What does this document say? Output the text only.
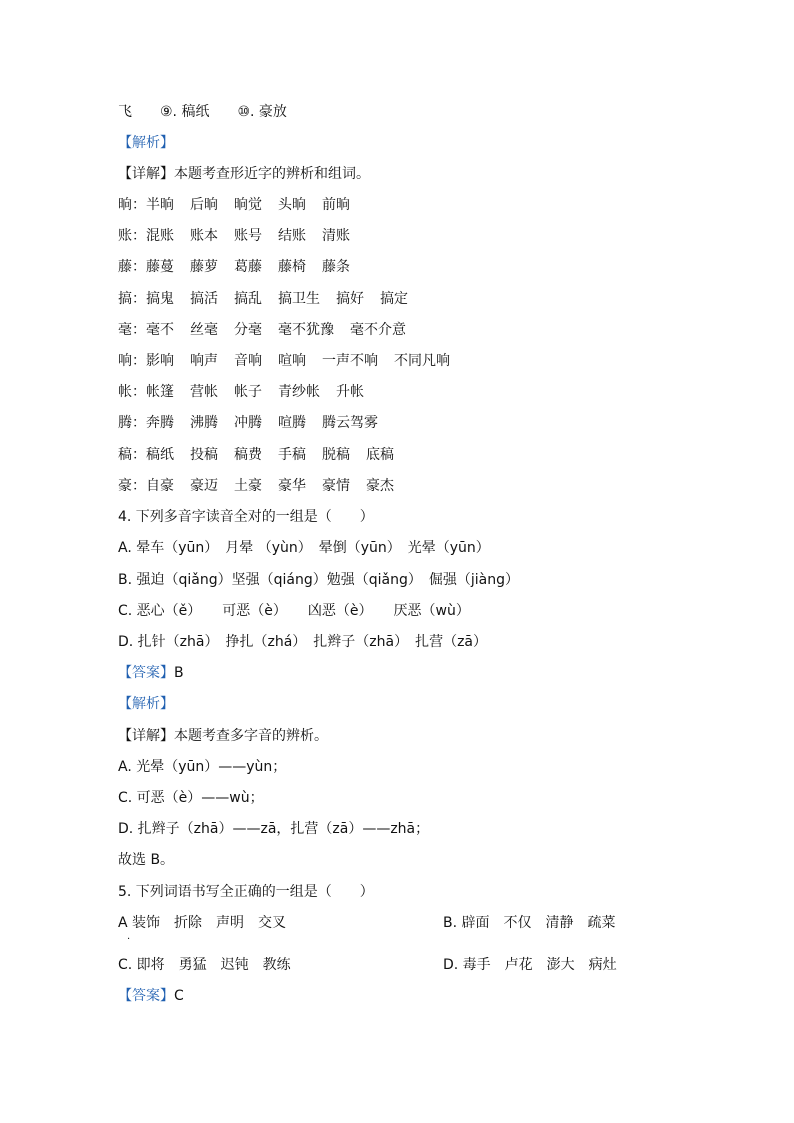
飞　　⑨. 稿纸　　⑩. 豪放
【解析】
【详解】本题考查形近字的辨析和组词。
晌：半晌 后晌 晌觉 头晌 前晌
账：混账 账本 账号 结账 清账
藤：藤蔓 藤萝 葛藤 藤椅 藤条
搞：搞鬼 搞活 搞乱 搞卫生 搞好 搞定
毫：毫不 丝毫 分毫 毫不犹豫 毫不介意
响：影响 响声 音响 喧响 一声不响 不同凡响
帐：帐篷 营帐 帐子 青纱帐 升帐
腾：奔腾 沸腾 冲腾 喧腾 腾云驾雾
稿：稿纸 投稿 稿费 手稿 脱稿 底稿
豪：自豪 豪迈 土豪 豪华 豪情 豪杰
4. 下列多音字读音全对的一组是（　　）
A. 晕车（yūn）　月晕 （yùn）　晕倒（yūn）　光晕（yūn）
B. 强迫（qiǎng）坚强（qiáng）勉强（qiǎng）　倔强（jiàng）
C. 恶心（ě）　　可恶（è）　　凶恶（è）　　厌恶（wù）
D. 扎针（zhā）　挣扎（zhá）　扎辫子（zhā）　扎营（zā）
【答案】B
【解析】
【详解】本题考查多字音的辨析。
A. 光晕（yūn）——yùn；
C. 可恶（è）——wù；
D. 扎辫子（zhā）——zā，扎营（zā）——zhā；
故选 B。
5. 下列词语书写全正确的一组是（　　）
A 装饰　折除　声明　交叉
.
B. 辟面　不仅　清静　疏菜
C. 即将　勇猛　迟钝　教练	D. 毒手　卢花　澎大　病灶
【答案】C
